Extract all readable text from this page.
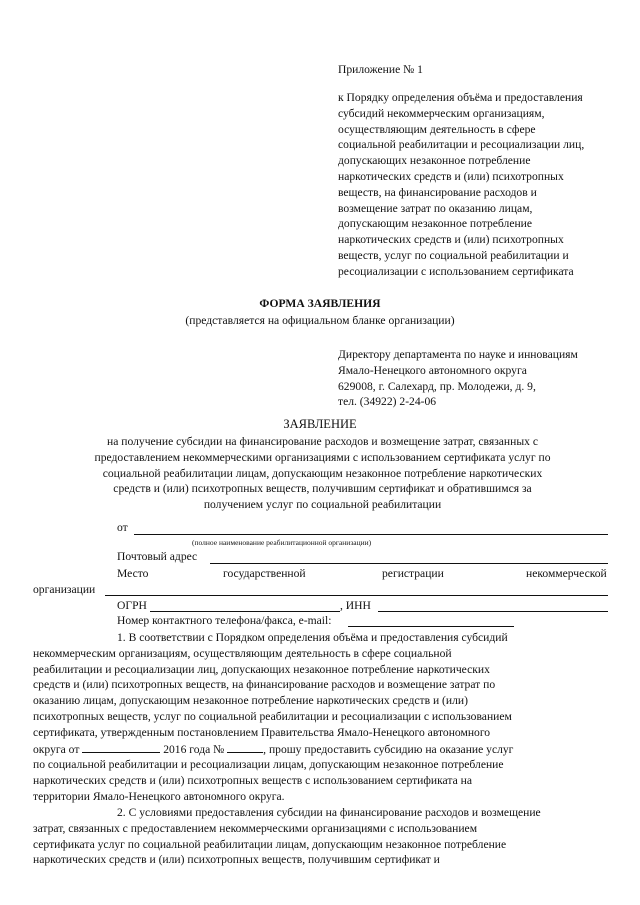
Приложение № 1
к Порядку определения объёма и предоставления
субсидий некоммерческим организациям,
осуществляющим деятельность в сфере
социальной реабилитации и ресоциализации лиц,
допускающих незаконное потребление
наркотических средств и (или) психотропных
веществ, на финансирование расходов и
возмещение затрат по оказанию лицам,
допускающим незаконное потребление
наркотических средств и (или) психотропных
веществ, услуг по социальной реабилитации и
ресоциализации с использованием сертификата
ФОРМА ЗАЯВЛЕНИЯ
(представляется на официальном бланке организации)
Директору департамента по науке и инновациям
Ямало-Ненецкого автономного округа
629008, г. Салехард, пр. Молодежи, д. 9,
тел. (34922) 2-24-06
ЗАЯВЛЕНИЕ
на получение субсидии на финансирование расходов и возмещение затрат, связанных с
предоставлением некоммерческими организациями с использованием сертификата услуг по
социальной реабилитации лицам, допускающим незаконное потребление наркотических
средств и (или) психотропных веществ, получившим сертификат и обратившимся за
получением услуг по социальной реабилитации
от
(полное наименование реабилитационной организации)
Почтовый адрес
Место	государственной	регистрации	некоммерческой
организации
ОГРН	, ИНН
Номер контактного телефона/факса, e-mail:
1. В соответствии с Порядком определения объёма и предоставления субсидий
некоммерческим организациям, осуществляющим деятельность в сфере социальной
реабилитации и ресоциализации лиц, допускающих незаконное потребление наркотических
средств и (или) психотропных веществ, на финансирование расходов и возмещение затрат по
оказанию лицам, допускающим незаконное потребление наркотических средств и (или)
психотропных веществ, услуг по социальной реабилитации и ресоциализации с использованием
сертификата, утвержденным постановлением Правительства Ямало-Ненецкого автономного
округа от	2016 года №	, прошу предоставить субсидию на оказание услуг
по социальной реабилитации и ресоциализации лицам, допускающим незаконное потребление
наркотических средств и (или) психотропных веществ с использованием сертификата на
территории Ямало-Ненецкого автономного округа.
2. С условиями предоставления субсидии на финансирование расходов и возмещение
затрат, связанных с предоставлением некоммерческими организациями с использованием
сертификата услуг по социальной реабилитации лицам, допускающим незаконное потребление
наркотических средств и (или) психотропных веществ, получившим сертификат и
